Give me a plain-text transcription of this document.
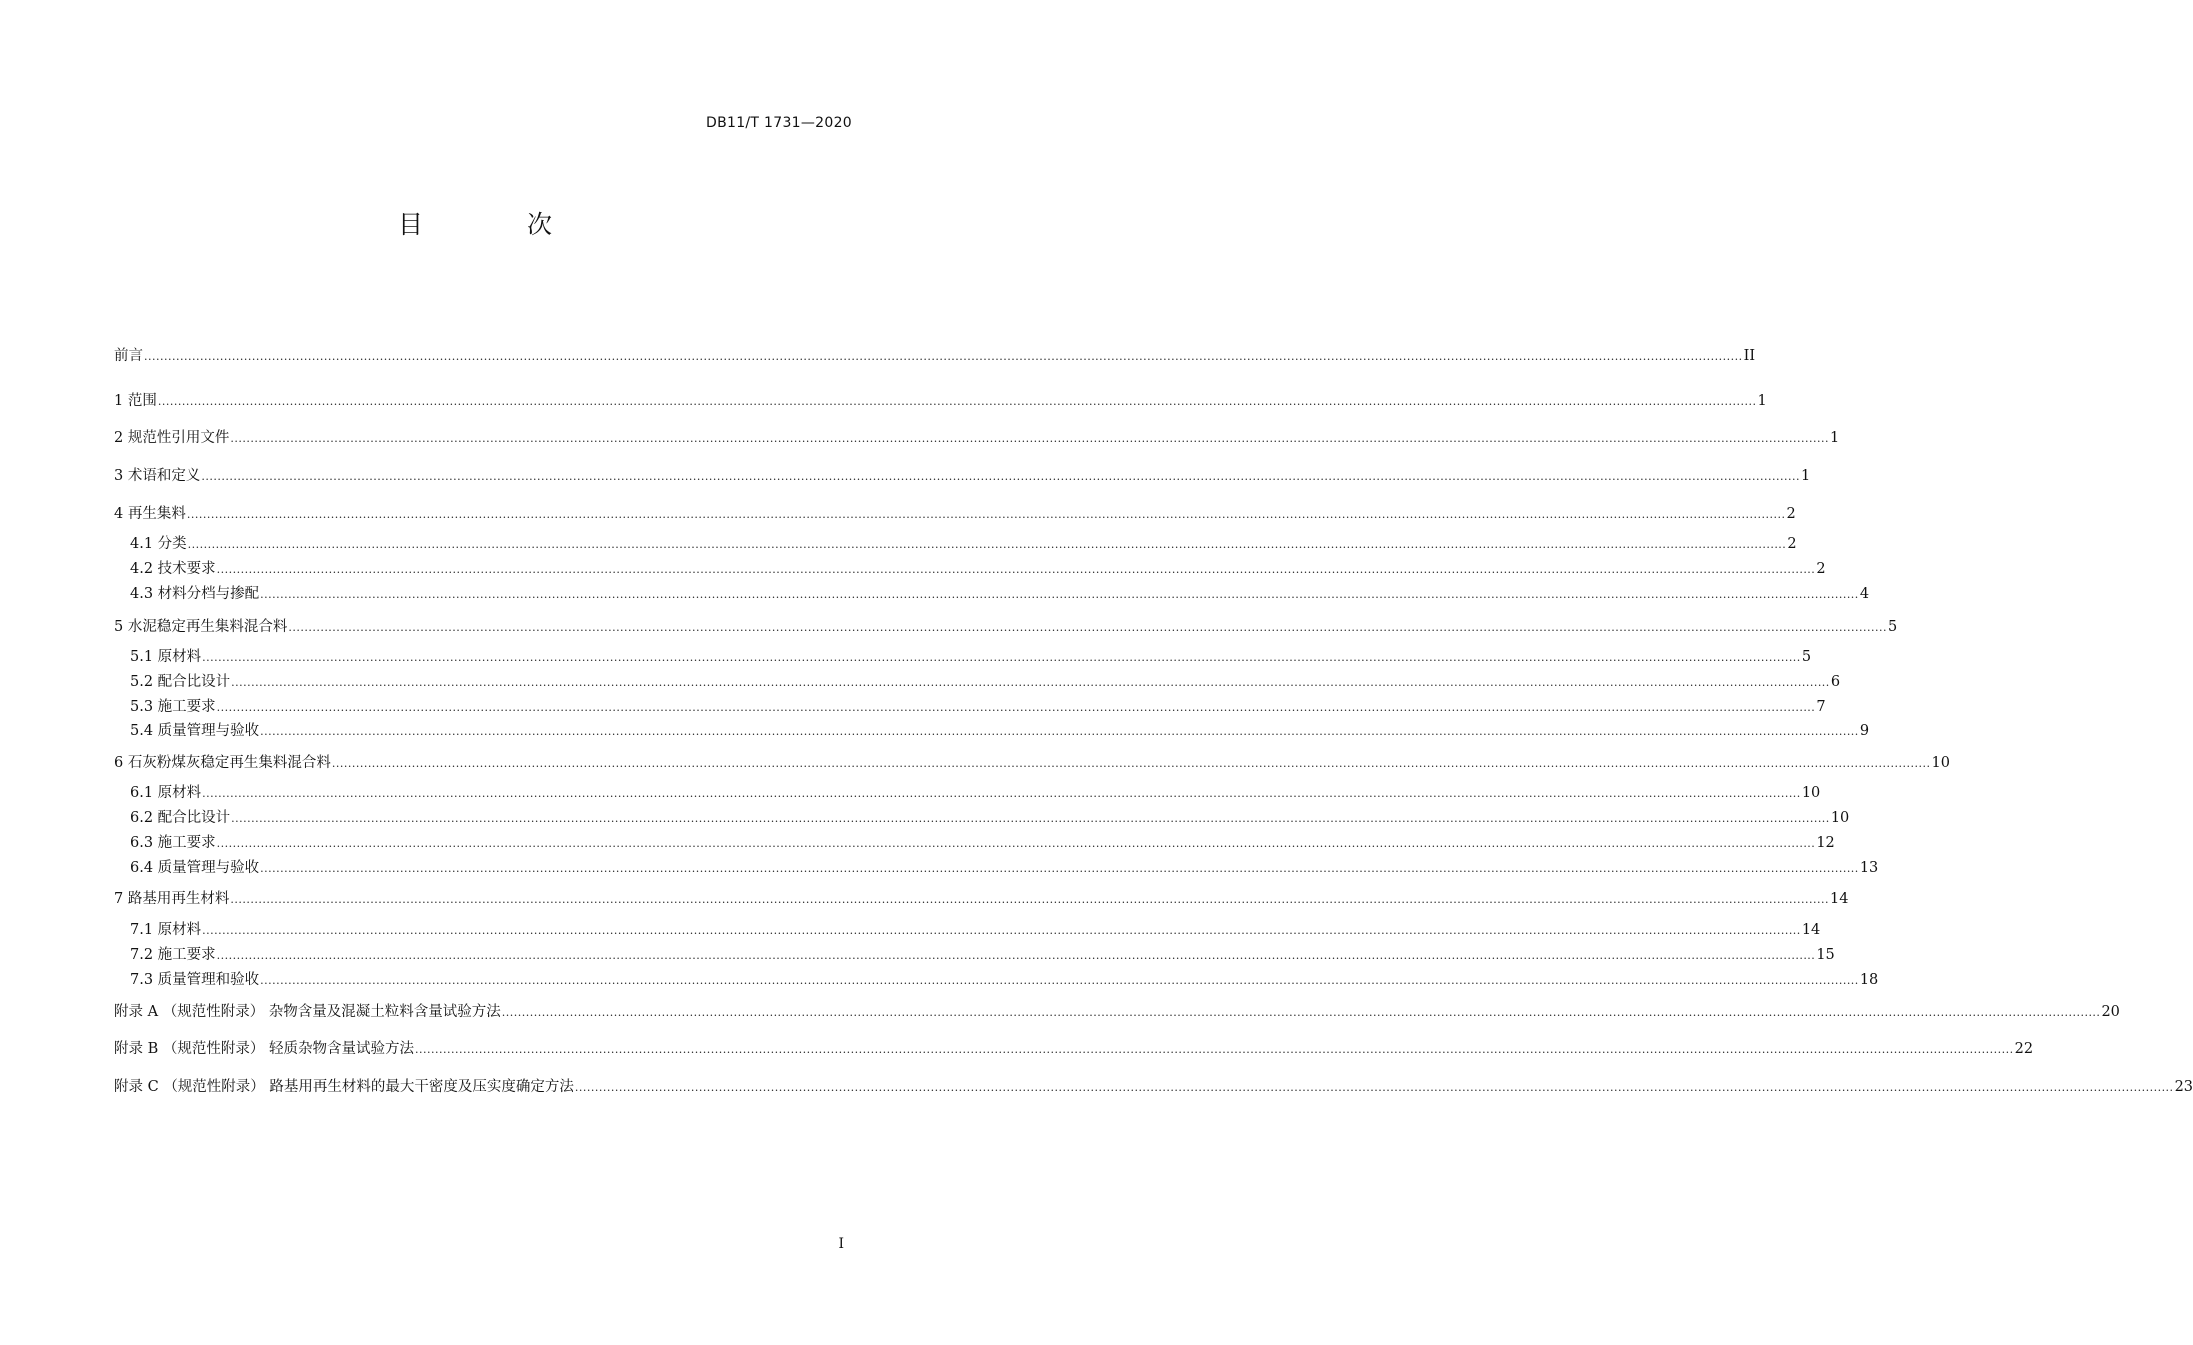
DB11/T 1731—2020
目 次
前言 ................................................................................................................................................................................................................................................................................................................................................................................................................ II
1 范围 ................................................................................................................................................................................................................................................................................................................................................................................................................ 1
2 规范性引用文件 ................................................................................................................................................................................................................................................................................................................................................................................................................ 1
3 术语和定义 ................................................................................................................................................................................................................................................................................................................................................................................................................ 1
4 再生集料 ................................................................................................................................................................................................................................................................................................................................................................................................................ 2
4.1 分类 ................................................................................................................................................................................................................................................................................................................................................................................................................ 2
4.2 技术要求 ................................................................................................................................................................................................................................................................................................................................................................................................................ 2
4.3 材料分档与掺配 ................................................................................................................................................................................................................................................................................................................................................................................................................ 4
5 水泥稳定再生集料混合料 ................................................................................................................................................................................................................................................................................................................................................................................................................ 5
5.1 原材料 ................................................................................................................................................................................................................................................................................................................................................................................................................ 5
5.2 配合比设计 ................................................................................................................................................................................................................................................................................................................................................................................................................ 6
5.3 施工要求 ................................................................................................................................................................................................................................................................................................................................................................................................................ 7
5.4 质量管理与验收 ................................................................................................................................................................................................................................................................................................................................................................................................................ 9
6 石灰粉煤灰稳定再生集料混合料 ................................................................................................................................................................................................................................................................................................................................................................................................................ 10
6.1 原材料 ................................................................................................................................................................................................................................................................................................................................................................................................................ 10
6.2 配合比设计 ................................................................................................................................................................................................................................................................................................................................................................................................................ 10
6.3 施工要求 ................................................................................................................................................................................................................................................................................................................................................................................................................ 12
6.4 质量管理与验收 ................................................................................................................................................................................................................................................................................................................................................................................................................ 13
7 路基用再生材料 ................................................................................................................................................................................................................................................................................................................................................................................................................ 14
7.1 原材料 ................................................................................................................................................................................................................................................................................................................................................................................................................ 14
7.2 施工要求 ................................................................................................................................................................................................................................................................................................................................................................................................................ 15
7.3 质量管理和验收 ................................................................................................................................................................................................................................................................................................................................................................................................................ 18
附录 A （规范性附录） 杂物含量及混凝土粒料含量试验方法 ................................................................................................................................................................................................................................................................................................................................................................................................................ 20
附录 B （规范性附录） 轻质杂物含量试验方法 ................................................................................................................................................................................................................................................................................................................................................................................................................ 22
附录 C （规范性附录） 路基用再生材料的最大干密度及压实度确定方法 ................................................................................................................................................................................................................................................................................................................................................................................................................ 23
I
